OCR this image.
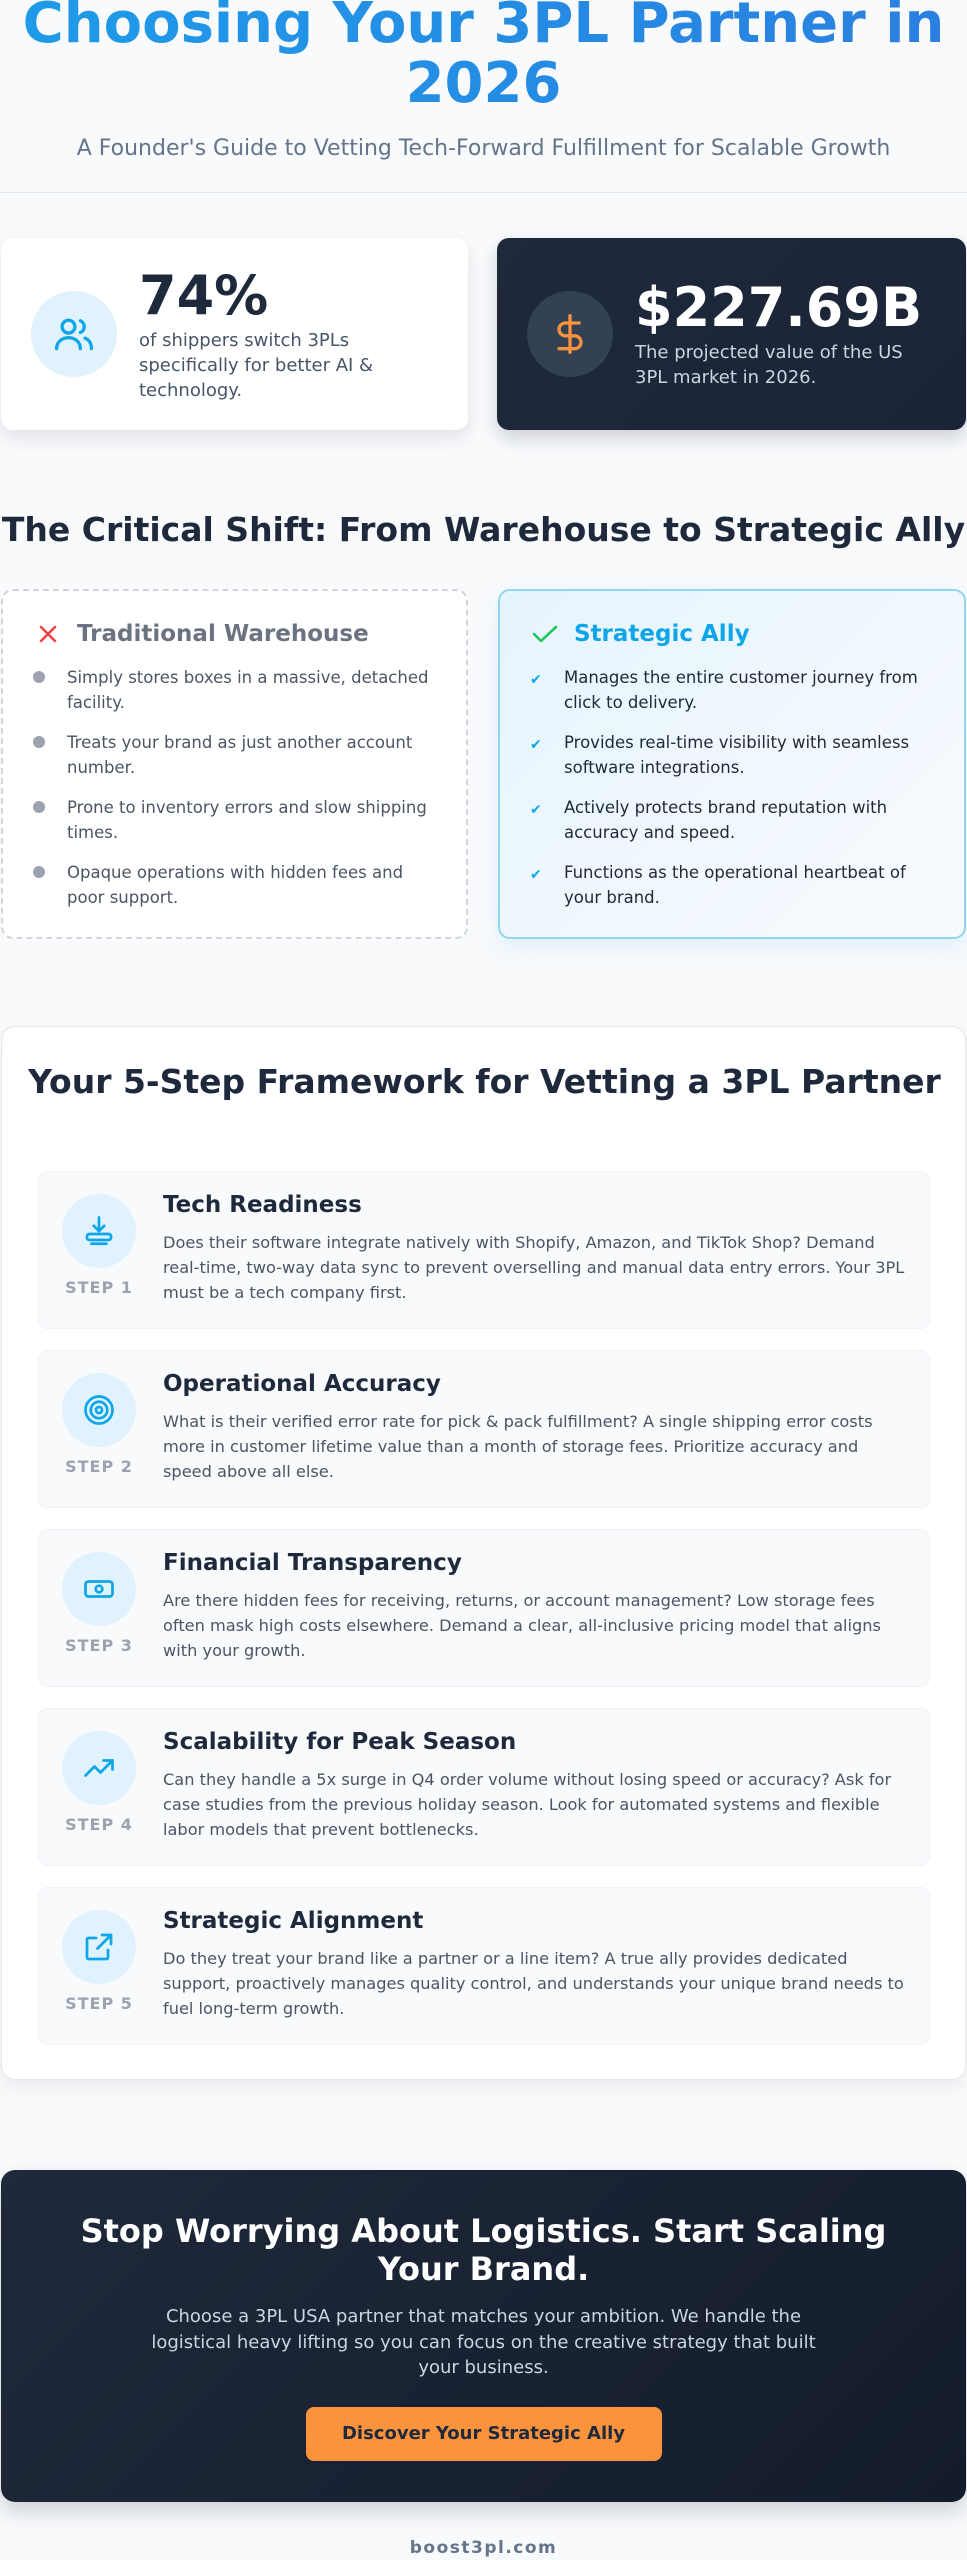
Choosing Your 3PL Partner in 2026
A Founder's Guide to Vetting Tech-Forward Fulfillment for Scalable Growth
74%
of shippers switch 3PLs specifically for better AI & technology.
$227.69B
The projected value of the US 3PL market in 2026.
The Critical Shift: From Warehouse to Strategic Ally
Traditional Warehouse
Simply stores boxes in a massive, detached facility.
Treats your brand as just another account number.
Prone to inventory errors and slow shipping times.
Opaque operations with hidden fees and poor support.
Strategic Ally
✔ Manages the entire customer journey from click to delivery.
✔ Provides real-time visibility with seamless software integrations.
✔ Actively protects brand reputation with accuracy and speed.
✔ Functions as the operational heartbeat of your brand.
Your 5-Step Framework for Vetting a 3PL Partner
STEP 1
Tech Readiness
Does their software integrate natively with Shopify, Amazon, and TikTok Shop? Demand real-time, two-way data sync to prevent overselling and manual data entry errors. Your 3PL must be a tech company first.
STEP 2
Operational Accuracy
What is their verified error rate for pick & pack fulfillment? A single shipping error costs more in customer lifetime value than a month of storage fees. Prioritize accuracy and speed above all else.
STEP 3
Financial Transparency
Are there hidden fees for receiving, returns, or account management? Low storage fees often mask high costs elsewhere. Demand a clear, all-inclusive pricing model that aligns with your growth.
STEP 4
Scalability for Peak Season
Can they handle a 5x surge in Q4 order volume without losing speed or accuracy? Ask for case studies from the previous holiday season. Look for automated systems and flexible labor models that prevent bottlenecks.
STEP 5
Strategic Alignment
Do they treat your brand like a partner or a line item? A true ally provides dedicated support, proactively manages quality control, and understands your unique brand needs to fuel long-term growth.
Stop Worrying About Logistics. Start Scaling Your Brand.

Choose a 3PL USA partner that matches your ambition. We handle the logistical heavy lifting so you can focus on the creative strategy that built your business.

Discover Your Strategic Ally
boost3pl.com
